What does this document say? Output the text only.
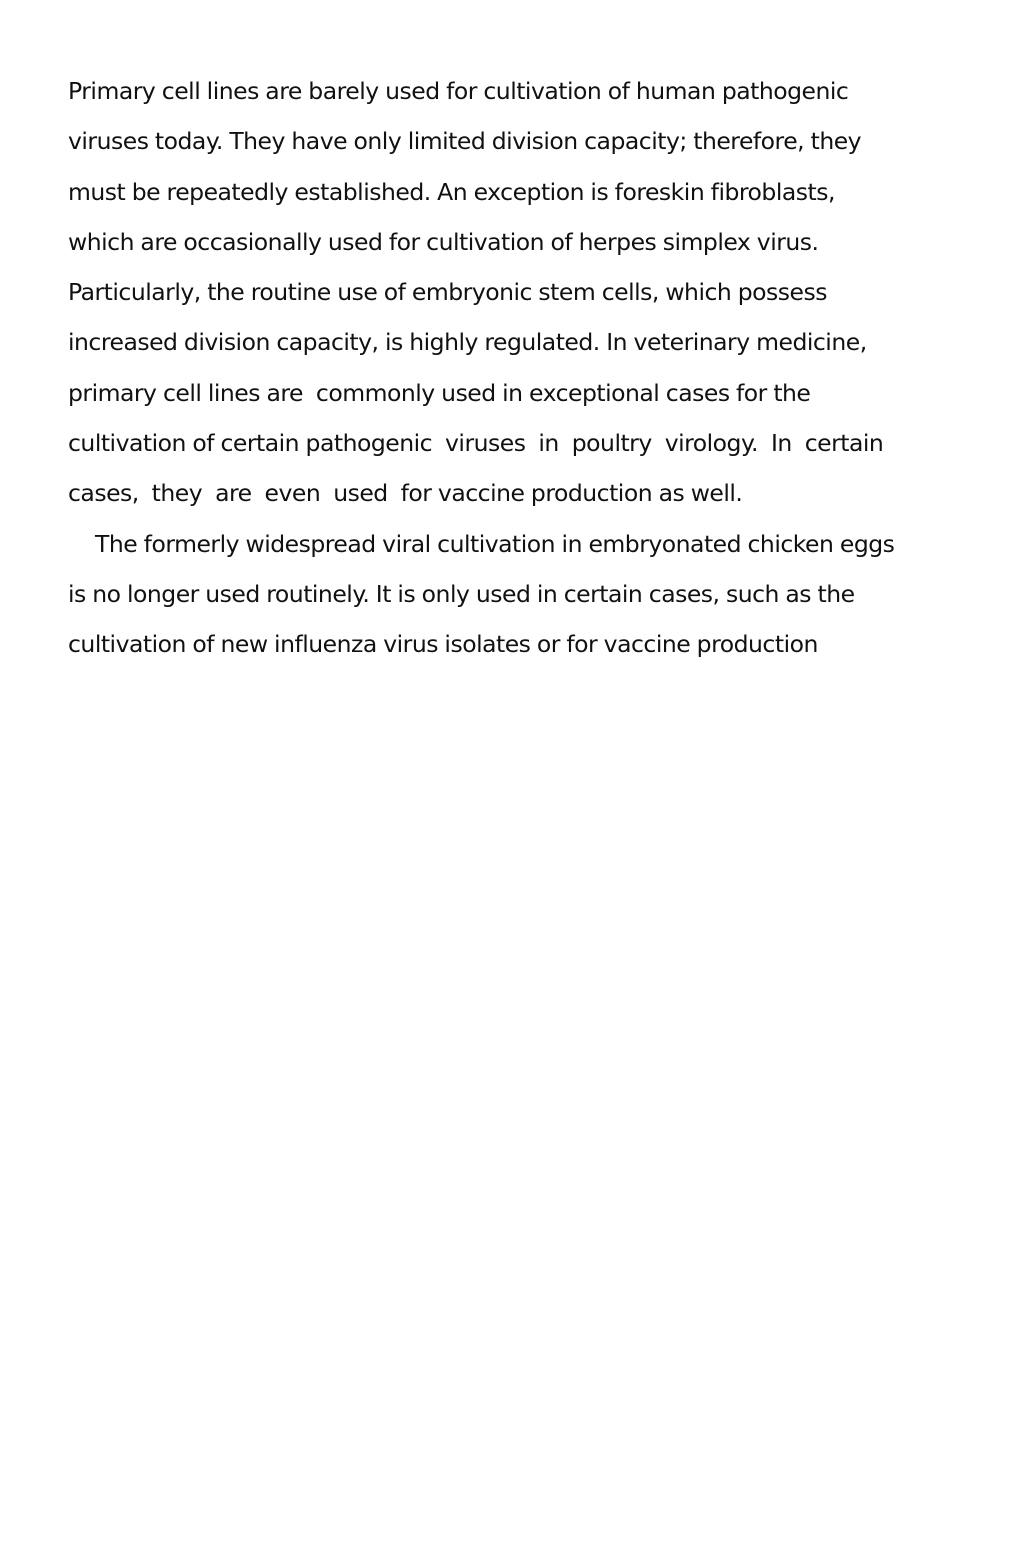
Primary cell lines are barely used for cultivation of human pathogenic
viruses today. They have only limited division capacity; therefore, they
must be repeatedly established. An exception is foreskin fibroblasts,
which are occasionally used for cultivation of herpes simplex virus.
Particularly, the routine use of embryonic stem cells, which possess
increased division capacity, is highly regulated. In veterinary medicine,
primary cell lines are  commonly used in exceptional cases for the
cultivation of certain pathogenic  viruses  in  poultry  virology.  In  certain
cases,  they  are  even  used  for vaccine production as well.
The formerly widespread viral cultivation in embryonated chicken eggs
is no longer used routinely. It is only used in certain cases, such as the
cultivation of new influenza virus isolates or for vaccine production
